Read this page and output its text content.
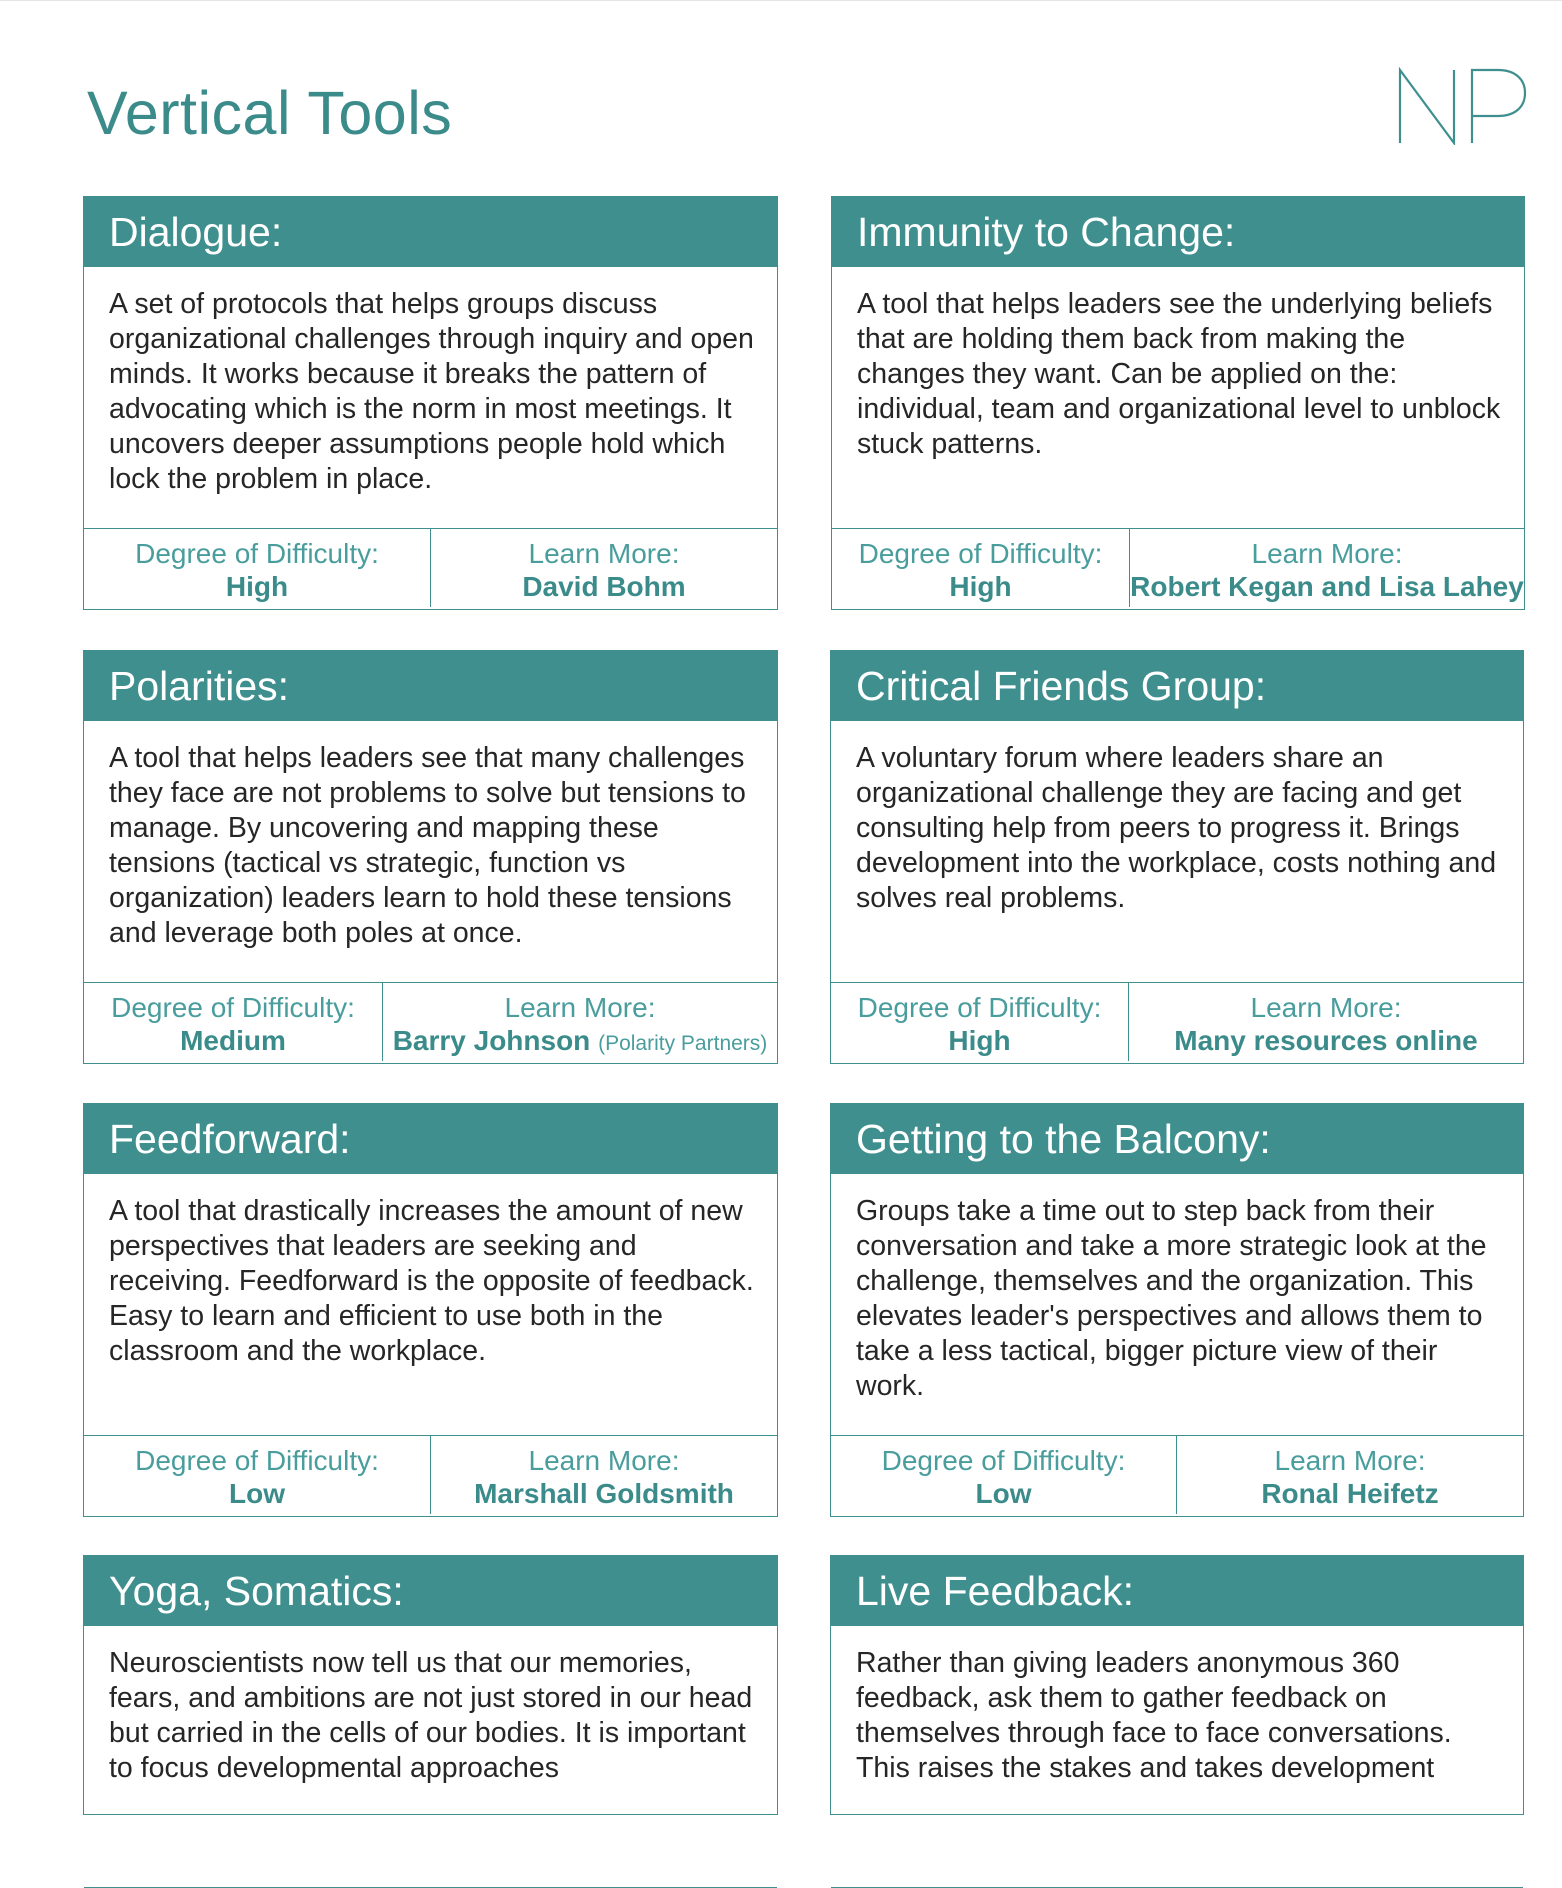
Vertical Tools
Dialogue:
A set of protocols that helps groups discuss organizational challenges through inquiry and open minds. It works because it breaks the pattern of advocating which is the norm in most meetings. It uncovers deeper assumptions people hold which lock the problem in place.
Degree of Difficulty:
High
Learn More:
David Bohm
Immunity to Change:
A tool that helps leaders see the underlying beliefs that are holding them back from making the changes they want. Can be applied on the: individual, team and organizational level to unblock stuck patterns.
Degree of Difficulty:
High
Learn More:
Robert Kegan and Lisa Lahey
Polarities:
A tool that helps leaders see that many challenges they face are not problems to solve but tensions to manage. By uncovering and mapping these tensions (tactical vs strategic, function vs organization) leaders learn to hold these tensions and leverage both poles at once.
Degree of Difficulty:
Medium
Learn More:
Barry Johnson (Polarity Partners)
Critical Friends Group:
A voluntary forum where leaders share an organizational challenge they are facing and get consulting help from peers to progress it. Brings development into the workplace, costs nothing and solves real problems.
Degree of Difficulty:
High
Learn More:
Many resources online
Feedforward:
A tool that drastically increases the amount of new perspectives that leaders are seeking and receiving. Feedforward is the opposite of feedback. Easy to learn and efficient to use both in the classroom and the workplace.
Degree of Difficulty:
Low
Learn More:
Marshall Goldsmith
Getting to the Balcony:
Groups take a time out to step back from their conversation and take a more strategic look at the challenge, themselves and the organization. This elevates leader's perspectives and allows them to take a less tactical, bigger picture view of their work.
Degree of Difficulty:
Low
Learn More:
Ronal Heifetz
Yoga, Somatics:
Neuroscientists now tell us that our memories, fears, and ambitions are not just stored in our head but carried in the cells of our bodies. It is important to focus developmental approaches
Live Feedback:
Rather than giving leaders anonymous 360 feedback, ask them to gather feedback on themselves through face to face conversations. This raises the stakes and takes development
